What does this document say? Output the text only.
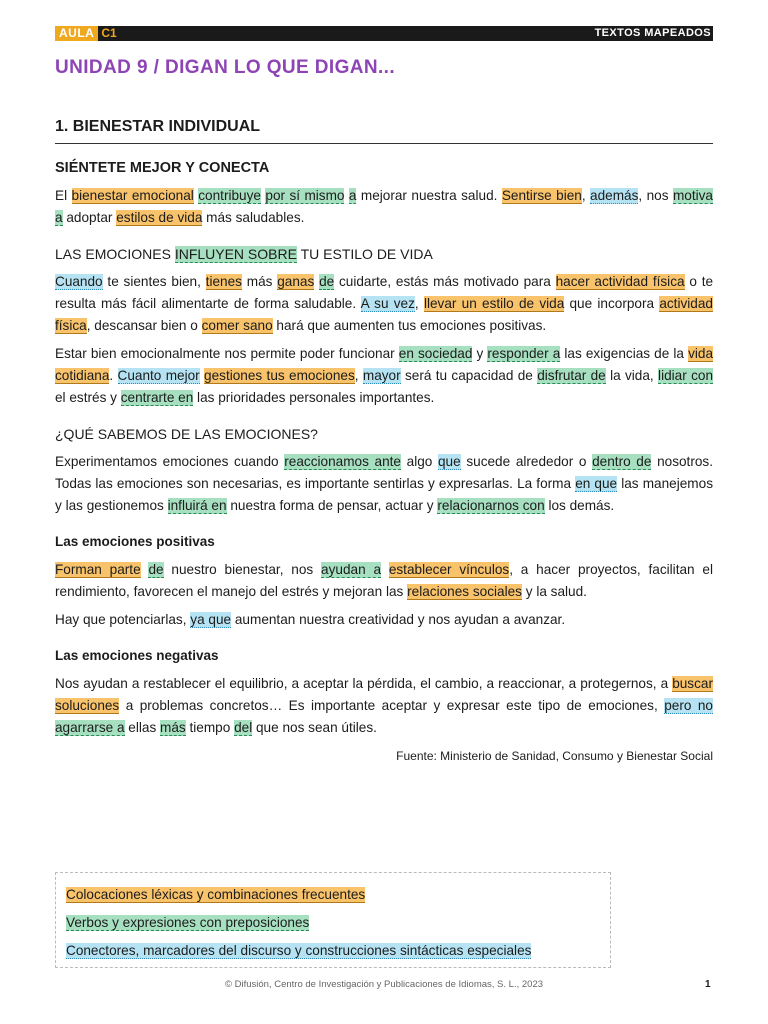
AULA C1	TEXTOS MAPEADOS
UNIDAD 9 / DIGAN LO QUE DIGAN...
1. BIENESTAR INDIVIDUAL
SIÉNTETE MEJOR Y CONECTA

El bienestar emocional contribuye por sí mismo a mejorar nuestra salud. Sentirse bien, además, nos motiva a adoptar estilos de vida más saludables.

LAS EMOCIONES INFLUYEN SOBRE TU ESTILO DE VIDA

Cuando te sientes bien, tienes más ganas de cuidarte, estás más motivado para hacer actividad física o te resulta más fácil alimentarte de forma saludable. A su vez, llevar un estilo de vida que incorpora actividad física, descansar bien o comer sano hará que aumenten tus emociones positivas.

Estar bien emocionalmente nos permite poder funcionar en sociedad y responder a las exigencias de la vida cotidiana. Cuanto mejor gestiones tus emociones, mayor será tu capacidad de disfrutar de la vida, lidiar con el estrés y centrarte en las prioridades personales importantes.

¿QUÉ SABEMOS DE LAS EMOCIONES?

Experimentamos emociones cuando reaccionamos ante algo que sucede alrededor o dentro de nosotros. Todas las emociones son necesarias, es importante sentirlas y expresarlas. La forma en que las manejemos y las gestionemos influirá en nuestra forma de pensar, actuar y relacionarnos con los demás.

Las emociones positivas

Forman parte de nuestro bienestar, nos ayudan a establecer vínculos, a hacer proyectos, facilitan el rendimiento, favorecen el manejo del estrés y mejoran las relaciones sociales y la salud.

Hay que potenciarlas, ya que aumentan nuestra creatividad y nos ayudan a avanzar.

Las emociones negativas

Nos ayudan a restablecer el equilibrio, a aceptar la pérdida, el cambio, a reaccionar, a protegernos, a buscar soluciones a problemas concretos… Es importante aceptar y expresar este tipo de emociones, pero no agarrarse a ellas más tiempo del que nos sean útiles.

Fuente: Ministerio de Sanidad, Consumo y Bienestar Social

Colocaciones léxicas y combinaciones frecuentes
Verbos y expresiones con preposiciones
Conectores, marcadores del discurso y construcciones sintácticas especiales
© Difusión, Centro de Investigación y Publicaciones de Idiomas, S. L., 2023	1
